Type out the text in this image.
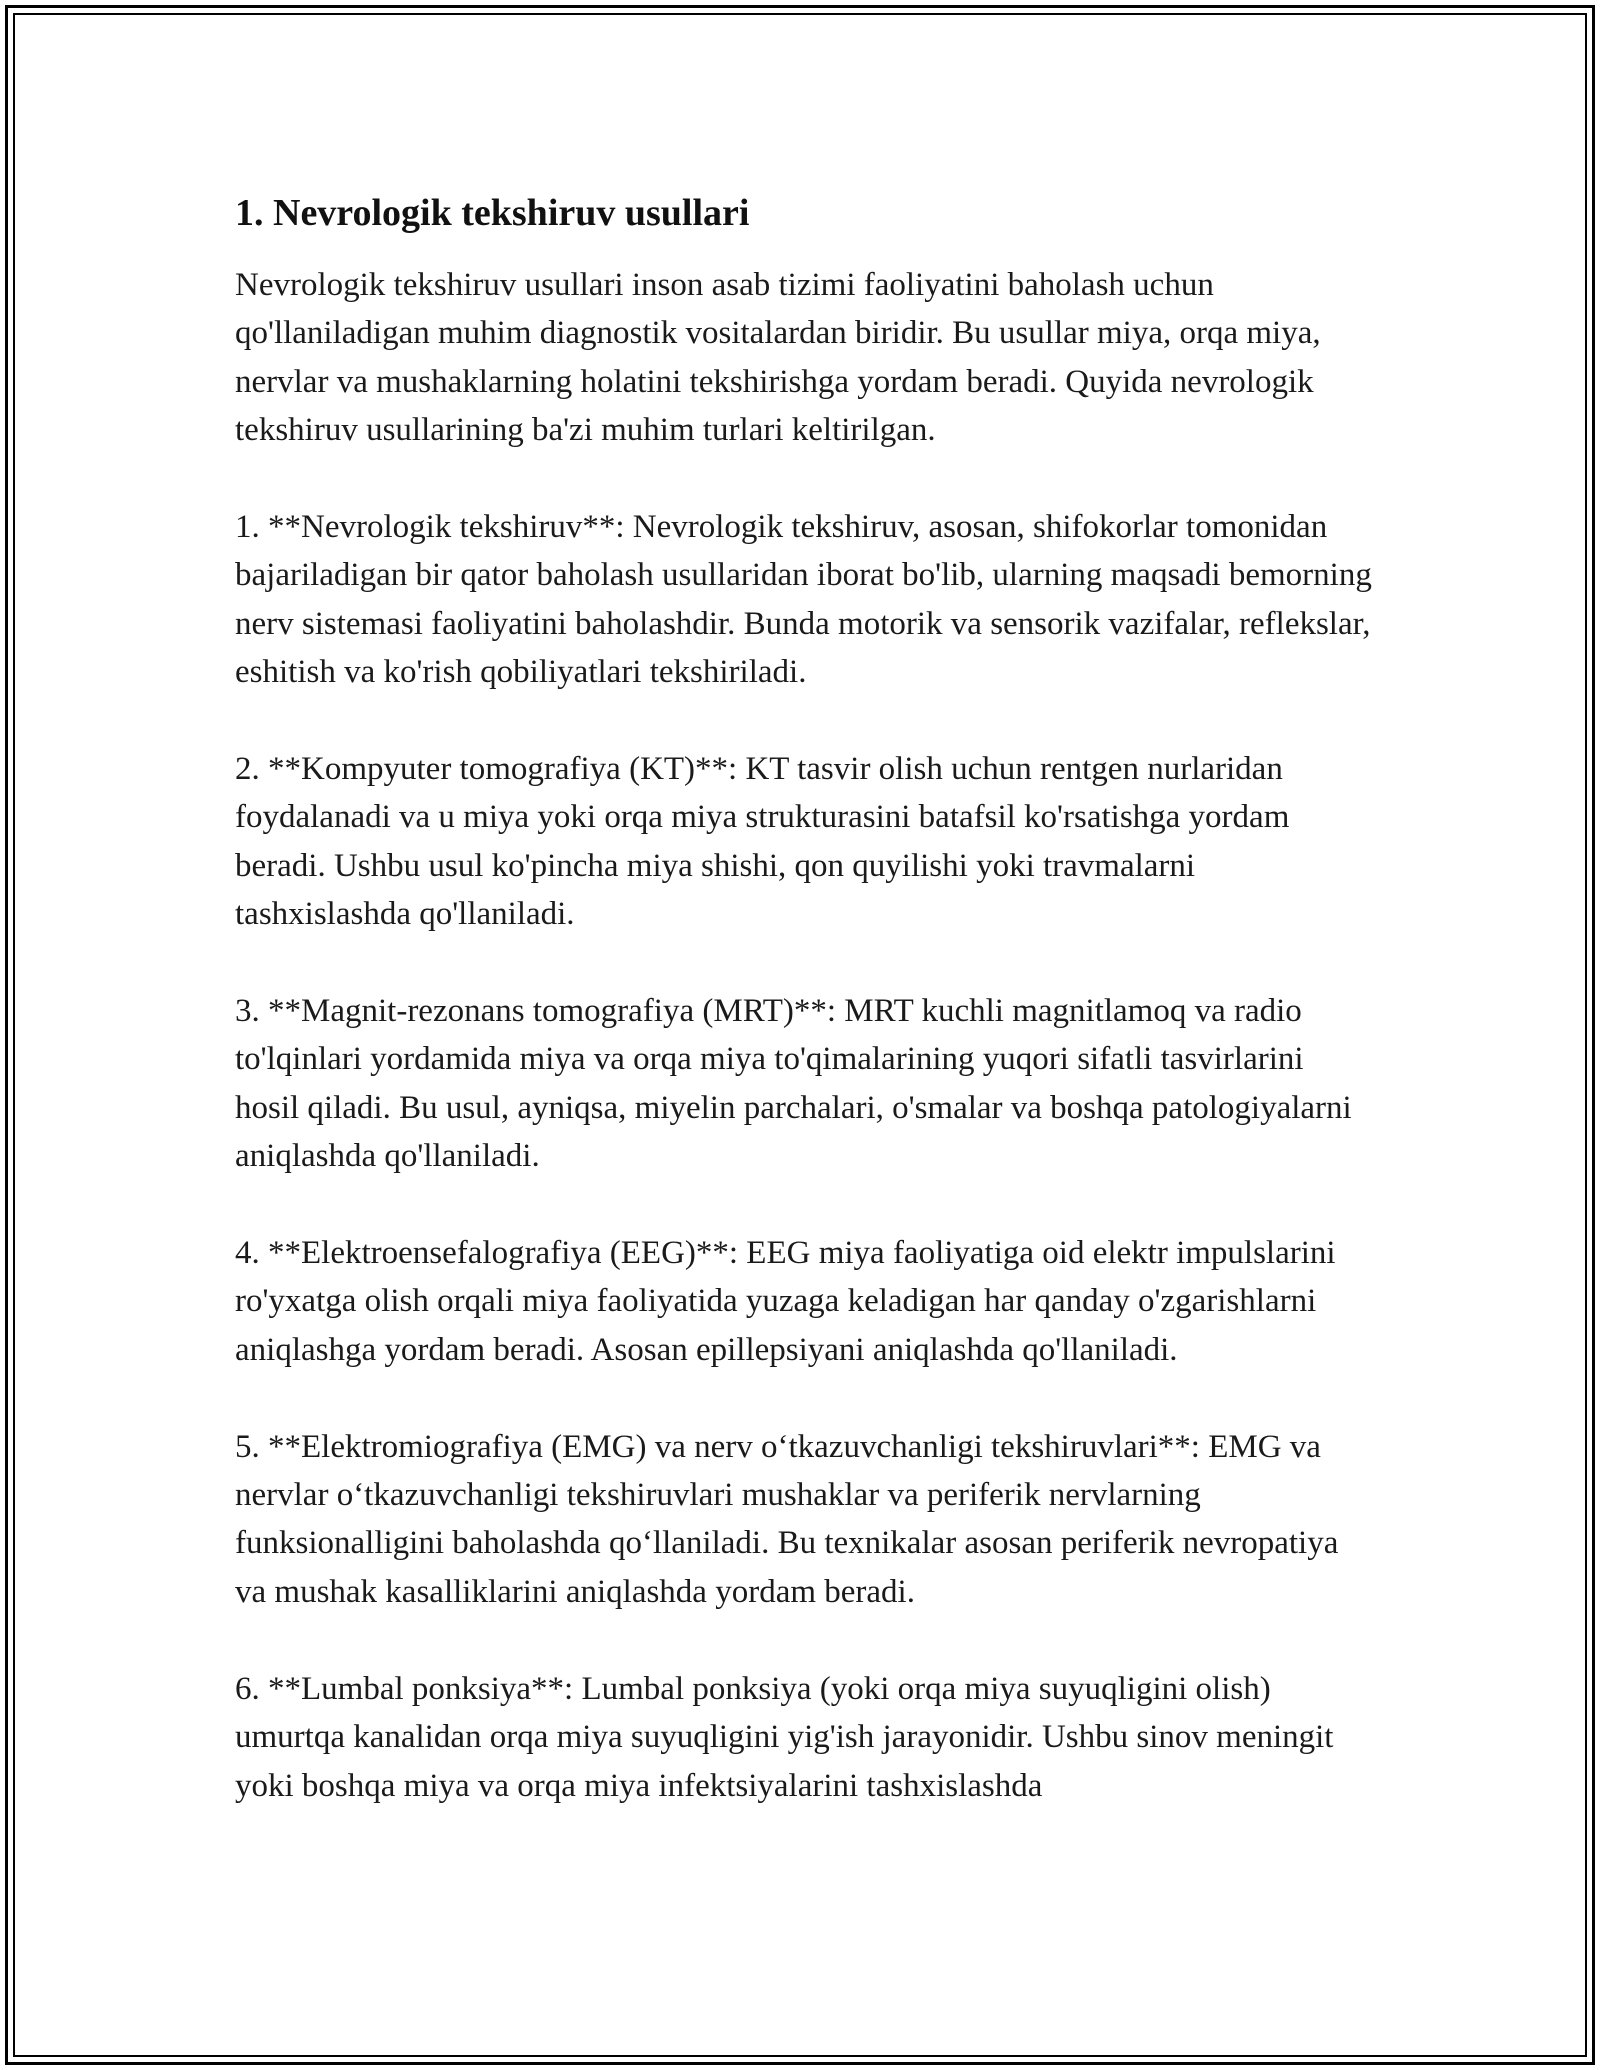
1. Nevrologik tekshiruv usullari

Nevrologik tekshiruv usullari inson asab tizimi faoliyatini baholash uchun qo'llaniladigan muhim diagnostik vositalardan biridir. Bu usullar miya, orqa miya, nervlar va mushaklarning holatini tekshirishga yordam beradi. Quyida nevrologik tekshiruv usullarining ba'zi muhim turlari keltirilgan.

1. **Nevrologik tekshiruv**: Nevrologik tekshiruv, asosan, shifokorlar tomonidan bajariladigan bir qator baholash usullaridan iborat bo'lib, ularning maqsadi bemorning nerv sistemasi faoliyatini baholashdir. Bunda motorik va sensorik vazifalar, reflekslar, eshitish va ko'rish qobiliyatlari tekshiriladi.

2. **Kompyuter tomografiya (KT)**: KT tasvir olish uchun rentgen nurlaridan foydalanadi va u miya yoki orqa miya strukturasini batafsil ko'rsatishga yordam beradi. Ushbu usul ko'pincha miya shishi, qon quyilishi yoki travmalarni tashxislashda qo'llaniladi.

3. **Magnit-rezonans tomografiya (MRT)**: MRT kuchli magnitlamoq va radio to'lqinlari yordamida miya va orqa miya to'qimalarining yuqori sifatli tasvirlarini hosil qiladi. Bu usul, ayniqsa, miyelin parchalari, o'smalar va boshqa patologiyalarni aniqlashda qo'llaniladi.

4. **Elektroensefalografiya (EEG)**: EEG miya faoliyatiga oid elektr impulslarini ro'yxatga olish orqali miya faoliyatida yuzaga keladigan har qanday o'zgarishlarni aniqlashga yordam beradi. Asosan epillepsiyani aniqlashda qo'llaniladi.

5. **Elektromiografiya (EMG) va nerv o‘tkazuvchanligi tekshiruvlari**: EMG va nervlar o‘tkazuvchanligi tekshiruvlari mushaklar va periferik nervlarning funksionalligini baholashda qo‘llaniladi. Bu texnikalar asosan periferik nevropatiya va mushak kasalliklarini aniqlashda yordam beradi.

6. **Lumbal ponksiya**: Lumbal ponksiya (yoki orqa miya suyuqligini olish) umurtqa kanalidan orqa miya suyuqligini yig'ish jarayonidir. Ushbu sinov meningit yoki boshqa miya va orqa miya infektsiyalarini tashxislashda
